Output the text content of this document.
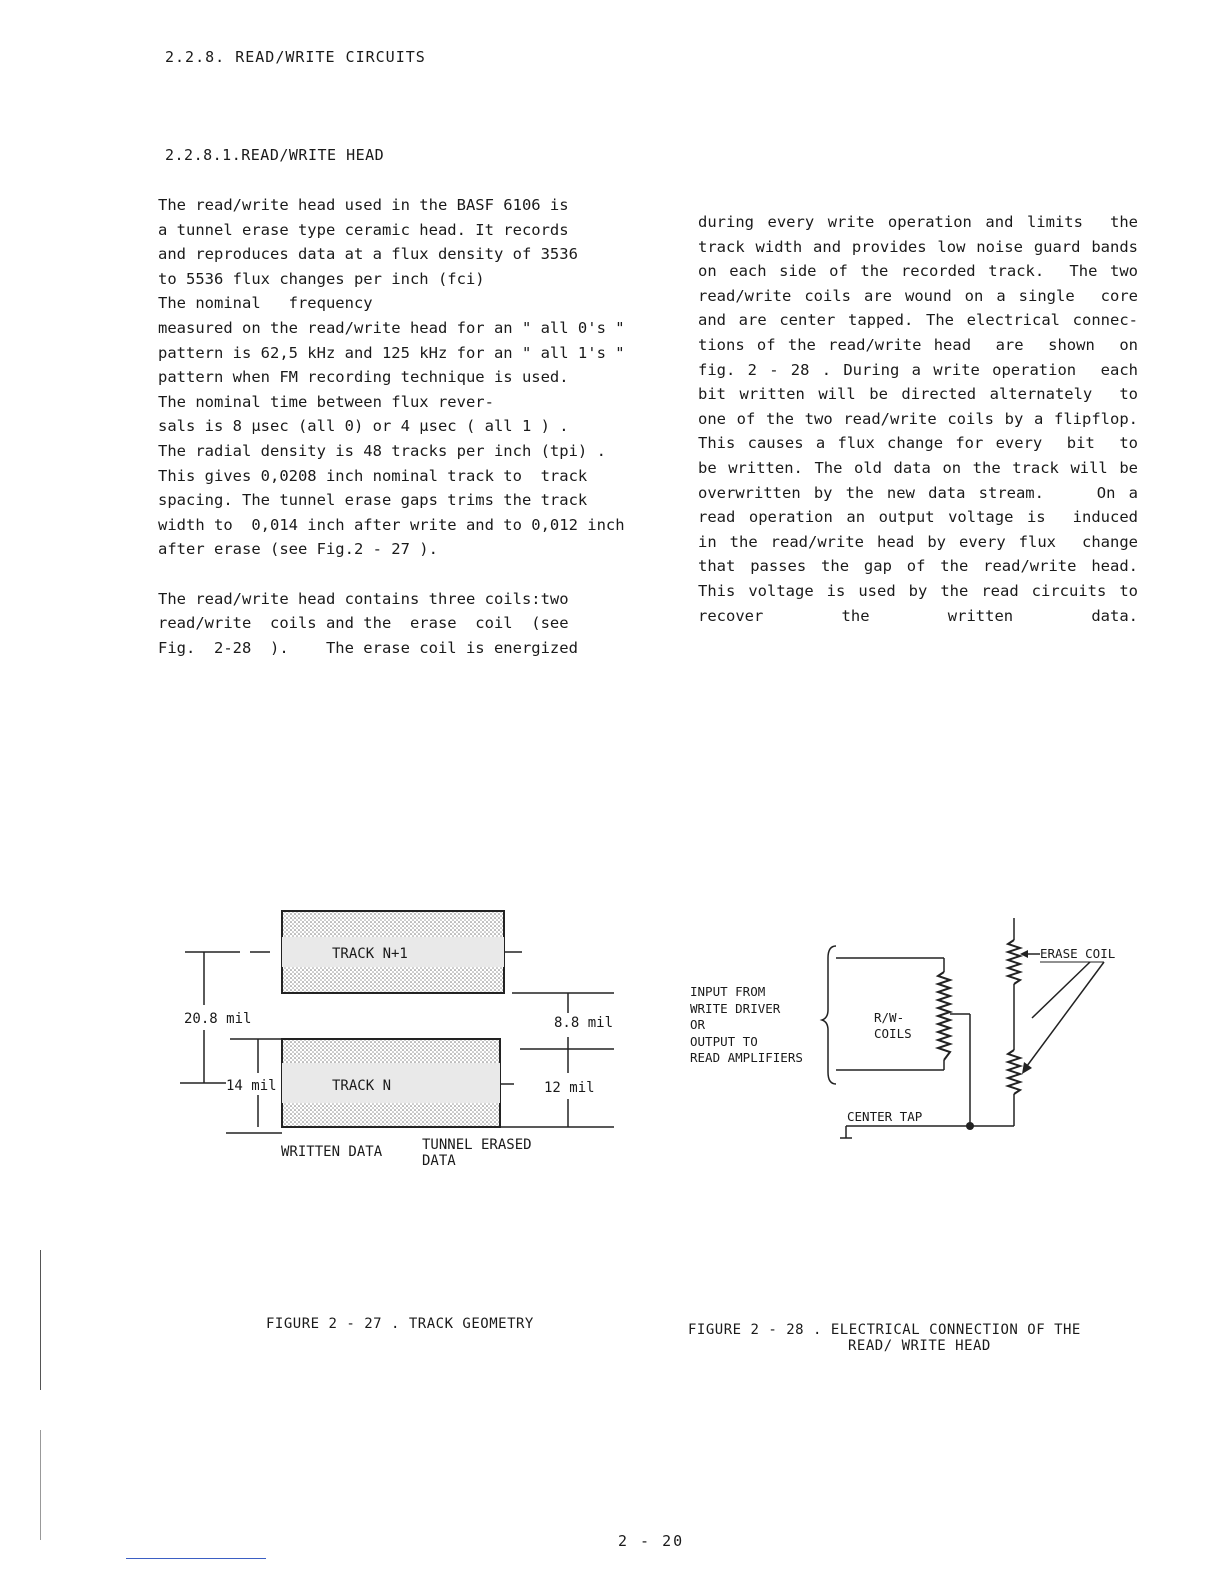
2.2.8. READ/WRITE CIRCUITS
2.2.8.1.READ/WRITE HEAD
The read/write head used in the BASF 6106 is
a tunnel erase type ceramic head. It records
and reproduces data at a flux density of 3536
to 5536 flux changes per inch (fci)
The nominal   frequency
measured on the read/write head for an " all 0's "
pattern is 62,5 kHz and 125 kHz for an " all 1's "
pattern when FM recording technique is used.
The nominal time between flux rever-
sals is 8 µsec (all 0) or 4 µsec ( all 1 ) .
The radial density is 48 tracks per inch (tpi) .
This gives 0,0208 inch nominal track to  track
spacing. The tunnel erase gaps trims the track
width to  0,014 inch after write and to 0,012 inch
after erase (see Fig.2 - 27 ).
The read/write head contains three coils:two
read/write  coils and the  erase  coil  (see
Fig.  2-28  ).    The erase coil is energized
during every write operation and limits  the
track width and provides low noise guard bands
on each side of the recorded track.  The two
read/write coils are wound on a single  core
and are center tapped. The electrical connec-
tions of the read/write head  are  shown  on
fig. 2 - 28 . During a write operation  each
bit written will be directed alternately  to
one of the two read/write coils by a flipflop.
This causes a flux change for every  bit  to
be written. The old data on the track will be
overwritten by the new data stream.    On a
read operation an output voltage is  induced
in the read/write head by every flux  change
that passes the gap of the read/write head.
This voltage is used by the read circuits to
recover the written data.
TRACK N+1
TRACK N
20.8 mil
14 mil
8.8 mil
12 mil
WRITTEN DATA	TUNNEL ERASED
DATA
FIGURE 2 - 27 . TRACK GEOMETRY
INPUT FROM
WRITE DRIVER
OR
OUTPUT TO
READ AMPLIFIERS
R/W-
COILS
CENTER TAP
ERASE COIL
FIGURE 2 - 28 . ELECTRICAL CONNECTION OF THE
READ/ WRITE HEAD
2 - 20
